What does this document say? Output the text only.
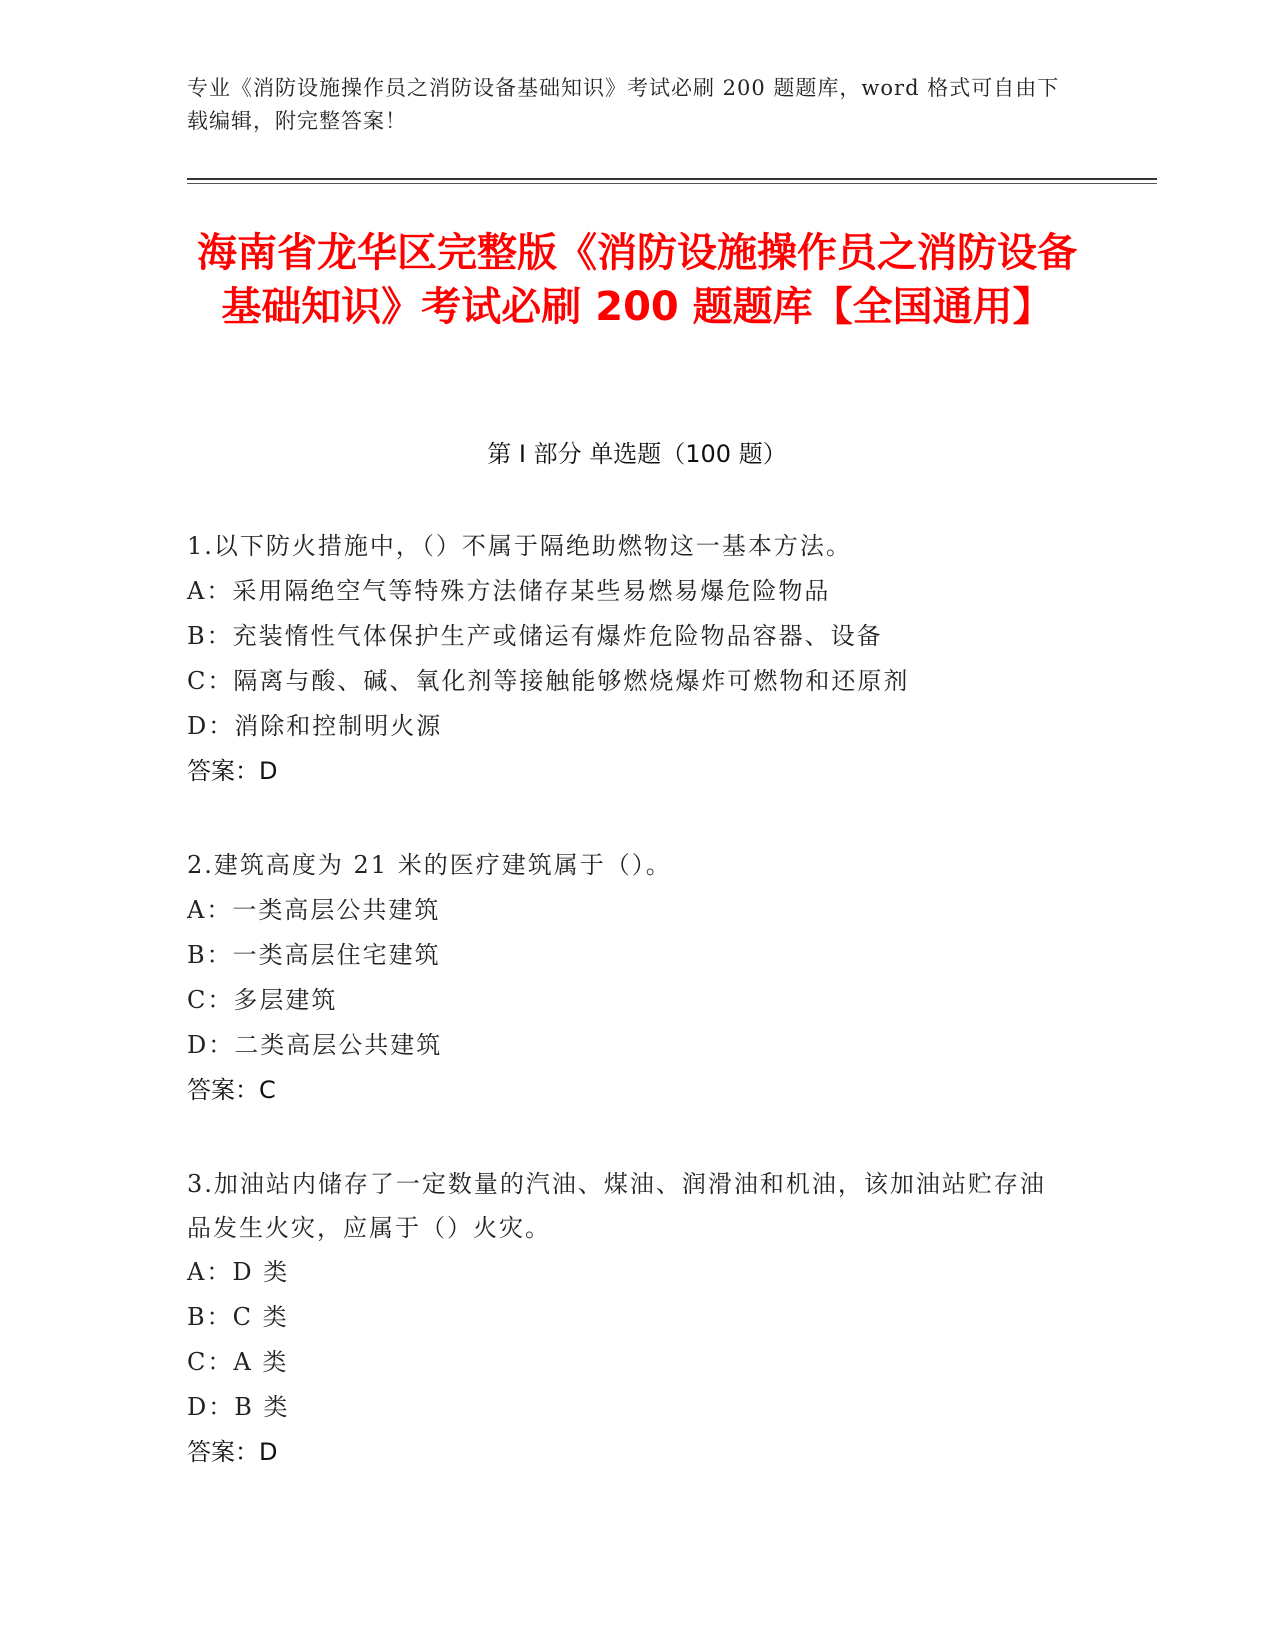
专业《消防设施操作员之消防设备基础知识》考试必刷 200 题题库，word 格式可自由下载编辑，附完整答案！
海南省龙华区完整版《消防设施操作员之消防设备基础知识》考试必刷 200 题题库【全国通用】
第 I 部分 单选题（100 题）
1.以下防火措施中，（）不属于隔绝助燃物这一基本方法。
A：采用隔绝空气等特殊方法储存某些易燃易爆危险物品
B：充装惰性气体保护生产或储运有爆炸危险物品容器、设备
C：隔离与酸、碱、氧化剂等接触能够燃烧爆炸可燃物和还原剂
D：消除和控制明火源
答案：D
2.建筑高度为 21 米的医疗建筑属于（）。
A：一类高层公共建筑
B：一类高层住宅建筑
C：多层建筑
D：二类高层公共建筑
答案：C
3.加油站内储存了一定数量的汽油、煤油、润滑油和机油，该加油站贮存油品发生火灾，应属于（）火灾。
A：D 类
B：C 类
C：A 类
D：B 类
答案：D
